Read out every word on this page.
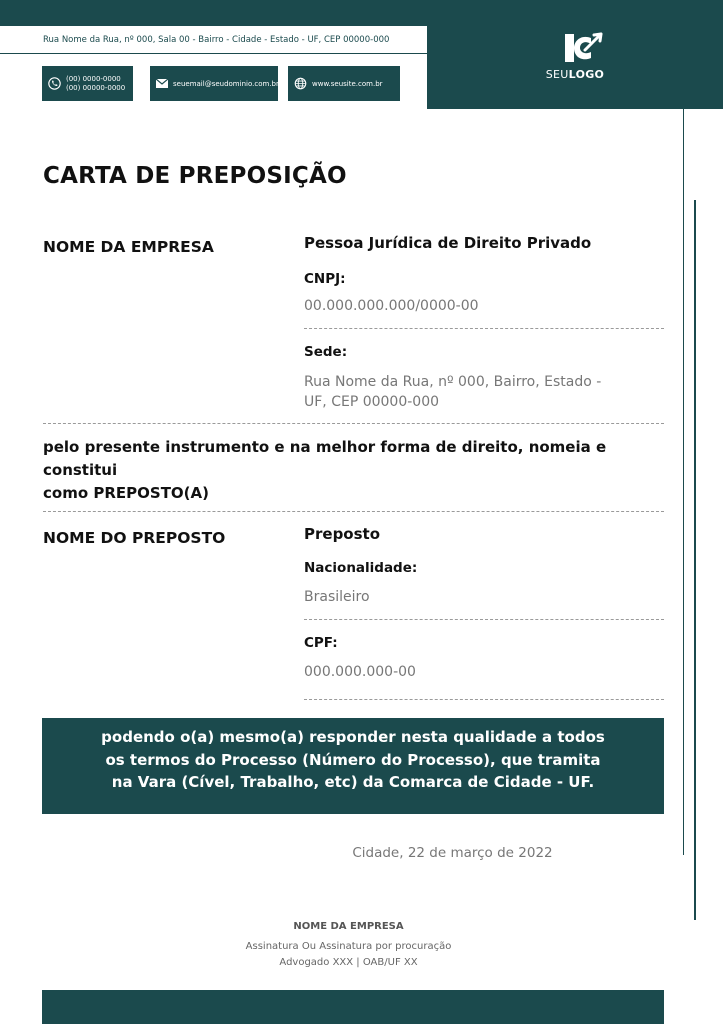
SEULOGO
Rua Nome da Rua, nº 000, Sala 00 - Bairro - Cidade - Estado - UF, CEP 00000-000
(00) 0000-0000
(00) 00000-0000	seuemail@seudominio.com.br	www.seusite.com.br
CARTA DE PREPOSIÇÃO
NOME DA EMPRESA	Pessoa Jurídica de Direito Privado
CNPJ:
00.000.000.000/0000-00
Sede:
Rua Nome da Rua, nº 000, Bairro, Estado -
UF, CEP 00000-000
pelo presente instrumento e na melhor forma de direito, nomeia e constitui
como PREPOSTO(A)
NOME DO PREPOSTO	Preposto
Nacionalidade:
Brasileiro
CPF:
000.000.000-00
podendo o(a) mesmo(a) responder nesta qualidade a todos
os termos do Processo (Número do Processo), que tramita
na Vara (Cível, Trabalho, etc) da Comarca de Cidade - UF.
Cidade, 22 de março de 2022
NOME DA EMPRESA
Assinatura Ou Assinatura por procuração
Advogado XXX | OAB/UF XX
